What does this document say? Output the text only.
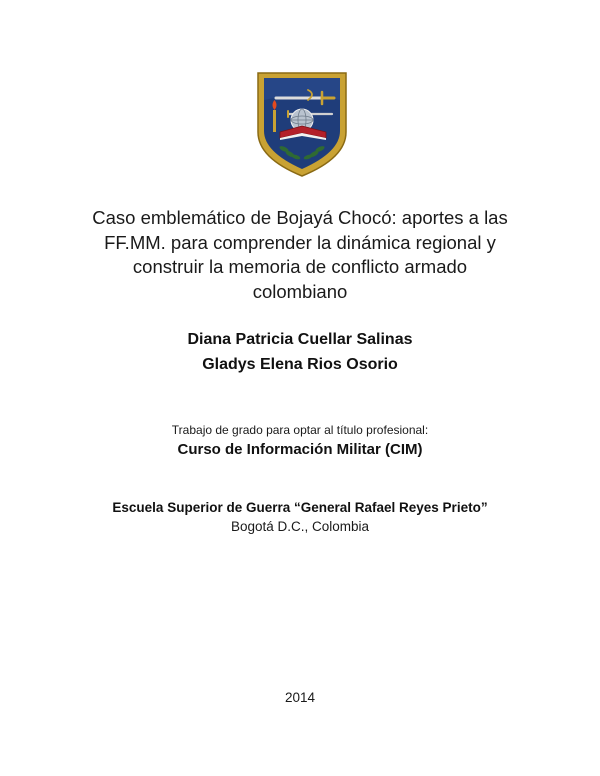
Caso emblemático de Bojayá Chocó: aportes a las
FF.MM. para comprender la dinámica regional y
construir la memoria de conflicto armado
colombiano
Diana Patricia Cuellar Salinas
Gladys Elena Rios Osorio
Trabajo de grado para optar al título profesional:
Curso de Información Militar (CIM)
Escuela Superior de Guerra “General Rafael Reyes Prieto”
Bogotá D.C., Colombia
2014
